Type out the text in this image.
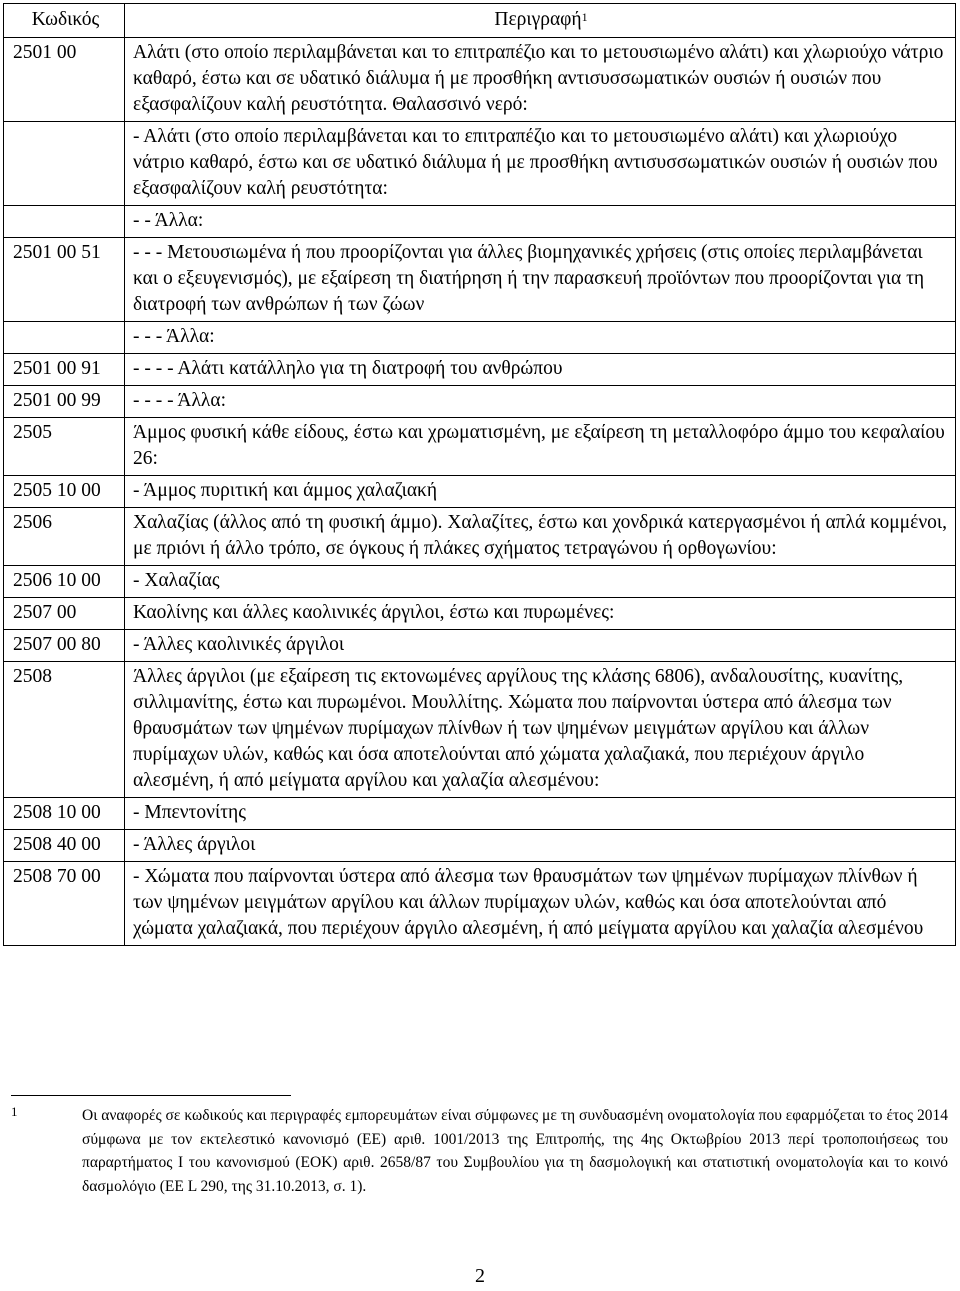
Κωδικός	Περιγραφή$^1$
2501 00	Αλάτι (στο οποίο περιλαμβάνεται και το επιτραπέζιο και το μετουσιωμένο αλάτι) και χλωριούχο νάτριο καθαρό, έστω και σε υδατικό διάλυμα ή με προσθήκη αντισυσσωματικών ουσιών ή ουσιών που εξασφαλίζουν καλή ρευστότητα. Θαλασσινό νερό:
	- Αλάτι (στο οποίο περιλαμβάνεται και το επιτραπέζιο και το μετουσιωμένο αλάτι) και χλωριούχο νάτριο καθαρό, έστω και σε υδατικό διάλυμα ή με προσθήκη αντισυσσωματικών ουσιών ή ουσιών που εξασφαλίζουν καλή ρευστότητα:
	- - Άλλα:
2501 00 51	- - - Μετουσιωμένα ή που προορίζονται για άλλες βιομηχανικές χρήσεις (στις οποίες περιλαμβάνεται και ο εξευγενισμός), με εξαίρεση τη διατήρηση ή την παρασκευή προϊόντων που προορίζονται για τη διατροφή των ανθρώπων ή των ζώων
	- - - Άλλα:
2501 00 91	- - - - Αλάτι κατάλληλο για τη διατροφή του ανθρώπου
2501 00 99	- - - - Άλλα:
2505	Άμμος φυσική κάθε είδους, έστω και χρωματισμένη, με εξαίρεση τη μεταλλοφόρο άμμο του κεφαλαίου 26:
2505 10 00	- Άμμος πυριτική και άμμος χαλαζιακή
2506	Χαλαζίας (άλλος από τη φυσική άμμο). Χαλαζίτες, έστω και χονδρικά κατεργασμένοι ή απλά κομμένοι, με πριόνι ή άλλο τρόπο, σε όγκους ή πλάκες σχήματος τετραγώνου ή ορθογωνίου:
2506 10 00	- Χαλαζίας
2507 00	Καολίνης και άλλες καολινικές άργιλοι, έστω και πυρωμένες:
2507 00 80	- Άλλες καολινικές άργιλοι
2508	Άλλες άργιλοι (με εξαίρεση τις εκτονωμένες αργίλους της κλάσης 6806), ανδαλουσίτης, κυανίτης, σιλλιμανίτης, έστω και πυρωμένοι. Μουλλίτης. Χώματα που παίρνονται ύστερα από άλεσμα των θραυσμάτων των ψημένων πυρίμαχων πλίνθων ή των ψημένων μειγμάτων αργίλου και άλλων πυρίμαχων υλών, καθώς και όσα αποτελούνται από χώματα χαλαζιακά, που περιέχουν άργιλο αλεσμένη, ή από μείγματα αργίλου και χαλαζία αλεσμένου:
2508 10 00	- Μπεντονίτης
2508 40 00	- Άλλες άργιλοι
2508 70 00	- Χώματα που παίρνονται ύστερα από άλεσμα των θραυσμάτων των ψημένων πυρίμαχων πλίνθων ή των ψημένων μειγμάτων αργίλου και άλλων πυρίμαχων υλών, καθώς και όσα αποτελούνται από χώματα χαλαζιακά, που περιέχουν άργιλο αλεσμένη, ή από μείγματα αργίλου και χαλαζία αλεσμένου
1	Οι αναφορές σε κωδικούς και περιγραφές εμπορευμάτων είναι σύμφωνες με τη συνδυασμένη ονοματολογία που εφαρμόζεται το έτος 2014 σύμφωνα με τον εκτελεστικό κανονισμό (ΕΕ) αριθ. 1001/2013 της Επιτροπής, της 4ης Οκτωβρίου 2013 περί τροποποιήσεως του παραρτήματος Ι του κανονισμού (ΕΟΚ) αριθ. 2658/87 του Συμβουλίου για τη δασμολογική και στατιστική ονοματολογία και το κοινό δασμολόγιο (ΕΕ L 290, της 31.10.2013, σ. 1).
2
